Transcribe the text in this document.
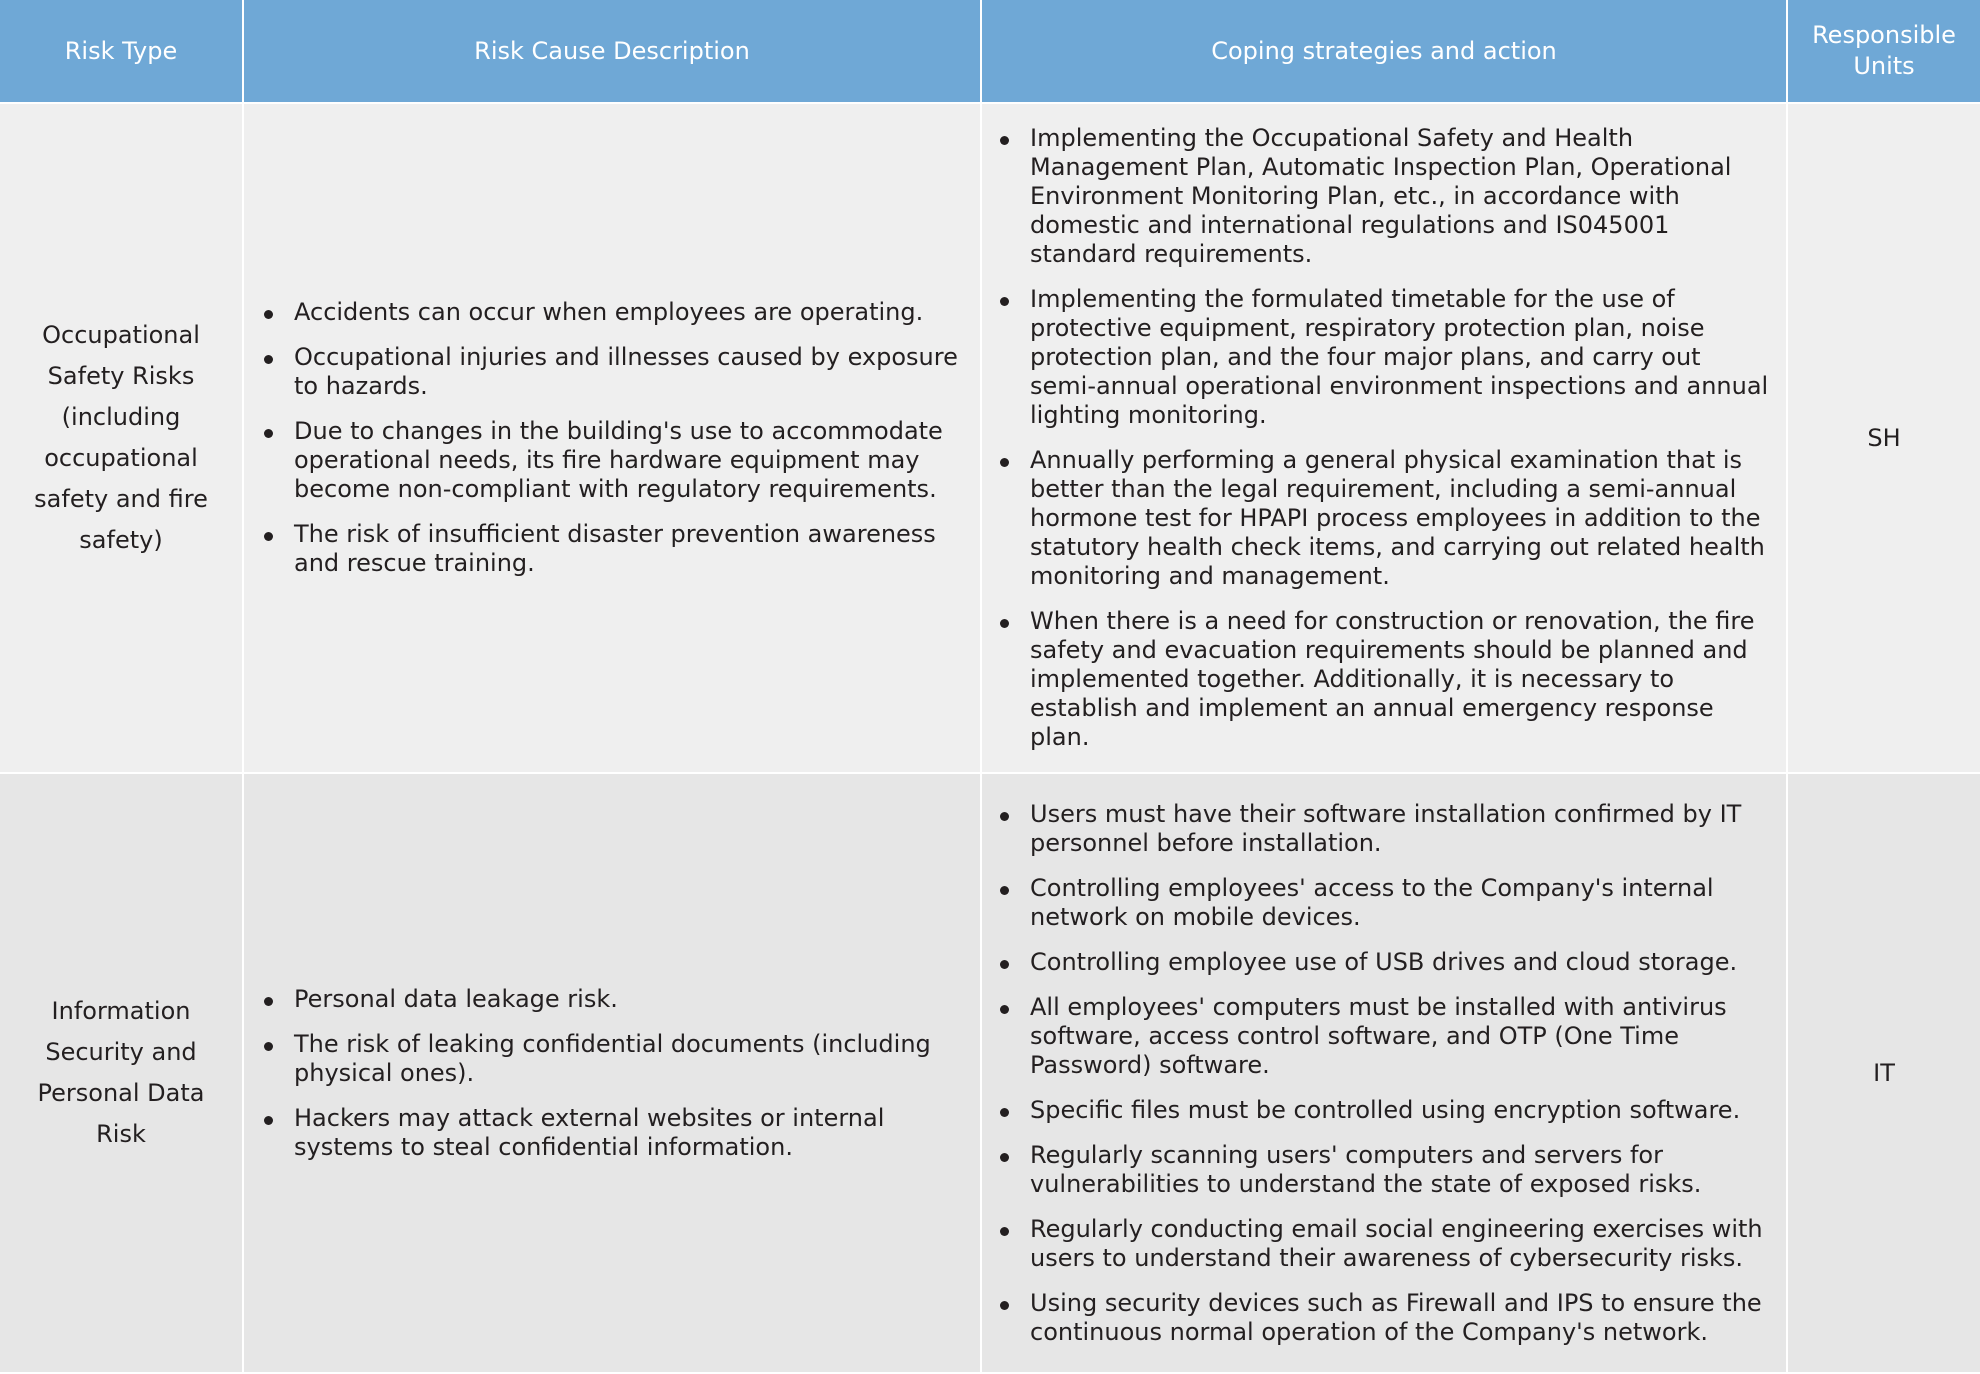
Risk Type	Risk Cause Description	Coping strategies and action
Responsible Units
Occupational Safety Risks (including occupational safety and fire safety)
Accidents can occur when employees are operating.
Occupational injuries and illnesses caused by exposure to hazards.
Due to changes in the building's use to accommodate operational needs, its fire hardware equipment may become non-compliant with regulatory requirements.
The risk of insufficient disaster prevention awareness and rescue training.
Implementing the Occupational Safety and Health Management Plan, Automatic Inspection Plan, Operational Environment Monitoring Plan, etc., in accordance with domestic and international regulations and IS045001 standard requirements.
Implementing the formulated timetable for the use of protective equipment, respiratory protection plan, noise protection plan, and the four major plans, and carry out semi-annual operational environment inspections and annual lighting monitoring.
Annually performing a general physical examination that is better than the legal requirement, including a semi-annual hormone test for HPAPI process employees in addition to the statutory health check items, and carrying out related health monitoring and management.
When there is a need for construction or renovation, the fire safety and evacuation requirements should be planned and implemented together. Additionally, it is necessary to establish and implement an annual emergency response plan.
SH
Information Security and Personal Data Risk
Personal data leakage risk.
The risk of leaking confidential documents (including physical ones).
Hackers may attack external websites or internal systems to steal confidential information.
Users must have their software installation confirmed by IT personnel before installation.
Controlling employees' access to the Company's internal network on mobile devices.
Controlling employee use of USB drives and cloud storage.
All employees' computers must be installed with antivirus software, access control software, and OTP (One Time Password) software.
Specific files must be controlled using encryption software.
Regularly scanning users' computers and servers for vulnerabilities to understand the state of exposed risks.
Regularly conducting email social engineering exercises with users to understand their awareness of cybersecurity risks.
Using security devices such as Firewall and IPS to ensure the continuous normal operation of the Company's network.
IT
